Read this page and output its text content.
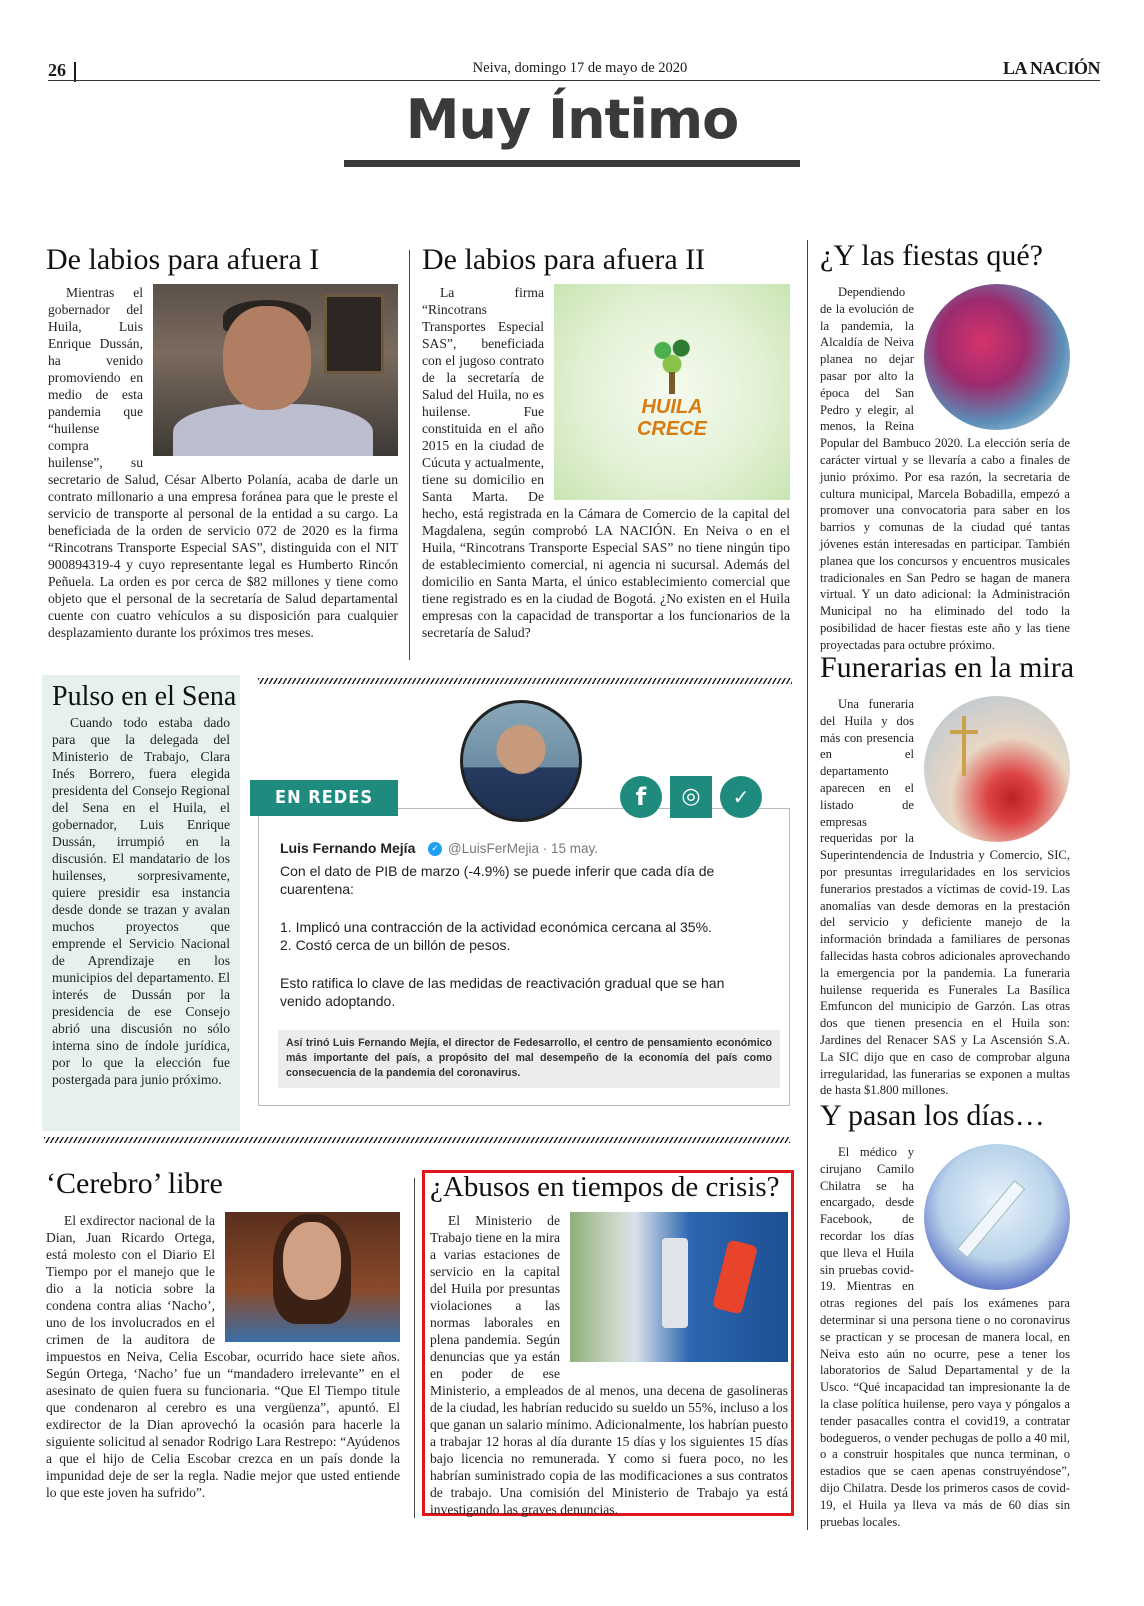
26	Neiva, domingo 17 de mayo de 2020	LA NACIÓN
Muy Íntimo
De labios para afuera I

Mientras el gobernador del Huila, Luis Enrique Dussán, ha venido promoviendo en medio de esta pandemia que “huilense compra huilense”, su secretario de Salud, César Alberto Polanía, acaba de darle un contrato millonario a una empresa foránea para que le preste el servicio de transporte al personal de la entidad a su cargo. La beneficiada de la orden de servicio 072 de 2020 es la firma “Rincotrans Transporte Especial SAS”, distinguida con el NIT 900894319-4 y cuyo representante legal es Humberto Rincón Peñuela. La orden es por cerca de $82 millones y tiene como objeto que el personal de la secretaría de Salud departamental cuente con cuatro vehículos a su disposición para cualquier desplazamiento durante los próximos tres meses.

De labios para afuera II
HUILA
CRECE

La firma “Rincotrans Transportes Especial SAS”, beneficiada con el jugoso contrato de la secretaría de Salud del Huila, no es huilense. Fue constituida en el año 2015 en la ciudad de Cúcuta y actualmente, tiene su domicilio en Santa Marta. De hecho, está registrada en la Cámara de Comercio de la capital del Magdalena, según comprobó LA NACIÓN. En Neiva o en el Huila, “Rincotrans Transporte Especial SAS” no tiene ningún tipo de establecimiento comercial, ni agencia ni sucursal. Además del domicilio en Santa Marta, el único establecimiento comercial que tiene registrado es en la ciudad de Bogotá. ¿No existen en el Huila empresas con la capacidad de transportar a los funcionarios de la secretaría de Salud?

¿Y las fiestas qué?

Dependiendo de la evolución de la pandemia, la Alcaldía de Neiva planea no dejar pasar por alto la época del San Pedro y elegir, al menos, la Reina Popular del Bambuco 2020. La elección sería de carácter virtual y se llevaría a cabo a finales de junio próximo. Por esa razón, la secretaria de cultura municipal, Marcela Bobadilla, empezó a promover una convocatoria para saber en los barrios y comunas de la ciudad qué tantas jóvenes están interesadas en participar. También planea que los concursos y encuentros musicales tradicionales en San Pedro se hagan de manera virtual. Y un dato adicional: la Administración Municipal no ha eliminado del todo la posibilidad de hacer fiestas este año y las tiene proyectadas para octubre próximo.

Funerarias en la mira

Una funeraria del Huila y dos más con presencia en el departamento aparecen en el listado de empresas requeridas por la Superintendencia de Industria y Comercio, SIC, por presuntas irregularidades en los servicios funerarios prestados a víctimas de covid-19. Las anomalías van desde demoras en la prestación del servicio y deficiente manejo de la información brindada a familiares de personas fallecidas hasta cobros adicionales aprovechando la emergencia por la pandemia. La funeraria huilense requerida es Funerales La Basílica Emfuncon del municipio de Garzón. Las otras dos que tienen presencia en el Huila son: Jardines del Renacer SAS y La Ascensión S.A. La SIC dijo que en caso de comprobar alguna irregularidad, las funerarias se exponen a multas de hasta $1.800 millones.

Pulso en el Sena

Cuando todo estaba dado para que la delegada del Ministerio de Trabajo, Clara Inés Borrero, fuera elegida presidenta del Consejo Regional del Sena en el Huila, el gobernador, Luis Enrique Dussán, irrumpió en la discusión. El mandatario de los huilenses, sorpresivamente, quiere presidir esa instancia desde donde se trazan y avalan muchos proyectos que emprende el Servicio Nacional de Aprendizaje en los municipios del departamento. El interés de Dussán por la presidencia de ese Consejo abrió una discusión no sólo interna sino de índole jurídica, por lo que la elección fue postergada para junio próximo.

EN REDES	f	◎	✓
Luis Fernando Mejía	✓ @LuisFerMejia · 15 may.
Con el dato de PIB de marzo (-4.9%) se puede inferir que cada día de
cuarentena:
1. Implicó una contracción de la actividad económica cercana al 35%.
2. Costó cerca de un billón de pesos.
Esto ratifica lo clave de las medidas de reactivación gradual que se han
venido adoptando.
Así trinó Luis Fernando Mejía, el director de Fedesarrollo, el centro de pensamiento económico más importante del país, a propósito del mal desempeño de la economía del país como consecuencia de la pandemia del coronavirus.
‘Cerebro’ libre

El exdirector nacional de la Dian, Juan Ricardo Ortega, está molesto con el Diario El Tiempo por el manejo que le dio a la noticia sobre la condena contra alias ‘Nacho’, uno de los involucrados en el crimen de la auditora de impuestos en Neiva, Celia Escobar, ocurrido hace siete años. Según Ortega, ‘Nacho’ fue un “mandadero irrelevante” en el asesinato de quien fuera su funcionaria. “Que El Tiempo titule que condenaron al cerebro es una vergüenza”, apuntó. El exdirector de la Dian aprovechó la ocasión para hacerle la siguiente solicitud al senador Rodrigo Lara Restrepo: “Ayúdenos a que el hijo de Celia Escobar crezca en un país donde la impunidad deje de ser la regla. Nadie mejor que usted entiende lo que este joven ha sufrido”.

¿Abusos en tiempos de crisis?

El Ministerio de Trabajo tiene en la mira a varias estaciones de servicio en la capital del Huila por presuntas violaciones a las normas laborales en plena pandemia. Según denuncias que ya están en poder de ese Ministerio, a empleados de al menos, una decena de gasolineras de la ciudad, les habrían reducido su sueldo un 55%, incluso a los que ganan un salario mínimo. Adicionalmente, los habrían puesto a trabajar 12 horas al día durante 15 días y los siguientes 15 días bajo licencia no remunerada. Y como si fuera poco, no les habrían suministrado copia de las modificaciones a sus contratos de trabajo. Una comisión del Ministerio de Trabajo ya está investigando las graves denuncias.

Y pasan los días…

El médico y cirujano Camilo Chilatra se ha encargado, desde Facebook, de recordar los días que lleva el Huila sin pruebas covid-19. Mientras en otras regiones del país los exámenes para determinar si una persona tiene o no coronavirus se practican y se procesan de manera local, en Neiva esto aún no ocurre, pese a tener los laboratorios de Salud Departamental y de la Usco. “Qué incapacidad tan impresionante la de la clase política huilense, pero vaya y póngalos a tender pasacalles contra el covid19, a contratar bodegueros, o vender pechugas de pollo a 40 mil, o a construir hospitales que nunca terminan, o estadios que se caen apenas construyéndose”, dijo Chilatra. Desde los primeros casos de covid-19, el Huila ya lleva va más de 60 días sin pruebas locales.
